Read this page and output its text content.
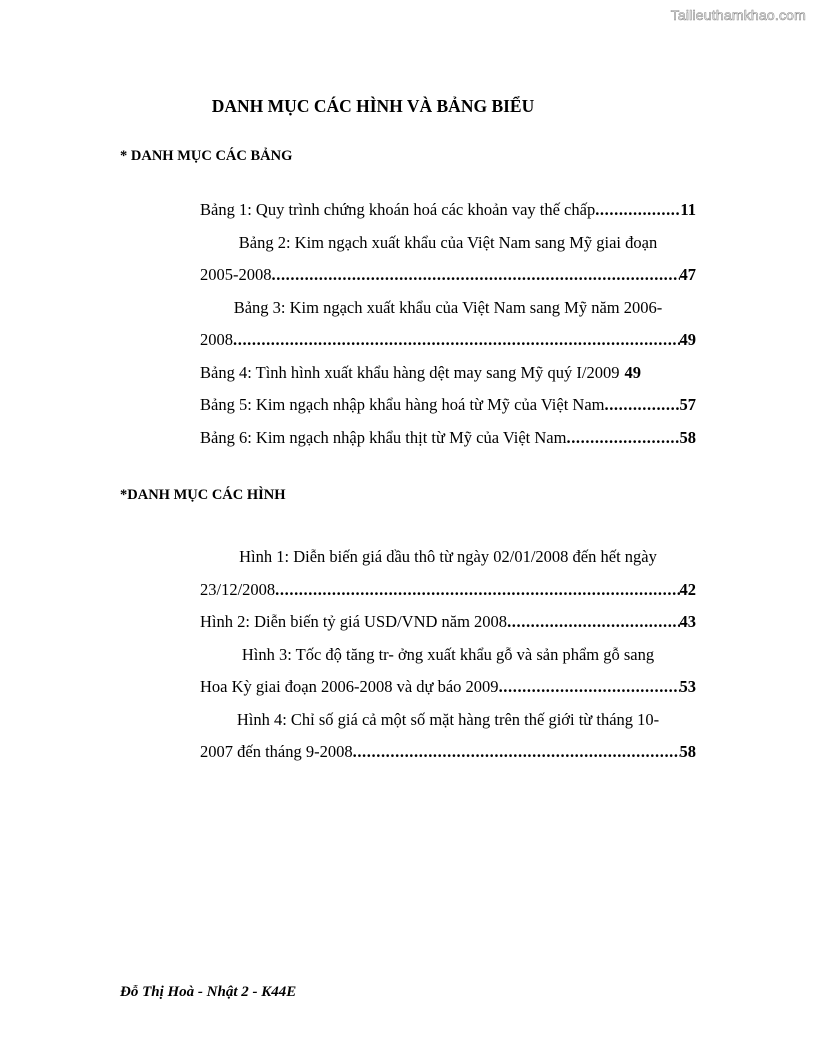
Tailieuthamkhao.com
DANH MỤC CÁC HÌNH VÀ BẢNG BIỂU
* DANH MỤC CÁC BẢNG
Bảng 1: Quy trình chứng khoán hoá các khoản vay thế chấp .....	11
Bảng 2: Kim ngạch xuất khẩu của Việt Nam sang Mỹ giai đoạn
2005-2008 .....	47
Bảng 3: Kim ngạch xuất khẩu của Việt Nam sang Mỹ năm 2006-
2008 .....	49
Bảng 4: Tình hình xuất khẩu hàng dệt may sang Mỹ quý I/2009 49
Bảng 5: Kim ngạch nhập khẩu hàng hoá từ Mỹ của Việt Nam .....	57
Bảng 6: Kim ngạch nhập khẩu thịt từ Mỹ của Việt Nam .....	58
*DANH MỤC CÁC HÌNH
Hình 1: Diễn biến giá dầu thô từ ngày 02/01/2008 đến hết ngày
23/12/2008 .....	42
Hình 2: Diễn biến tỷ giá USD/VND năm 2008 .....	43
Hình 3: Tốc độ tăng tr- ởng xuất khẩu gỗ và sản phẩm gỗ sang
Hoa Kỳ giai đoạn 2006-2008 và dự báo 2009 .....	53
Hình 4: Chỉ số giá cả một số mặt hàng trên thế giới từ tháng 10-
2007 đến tháng 9-2008 .....	58
Đỗ Thị Hoà - Nhật 2 - K44E
